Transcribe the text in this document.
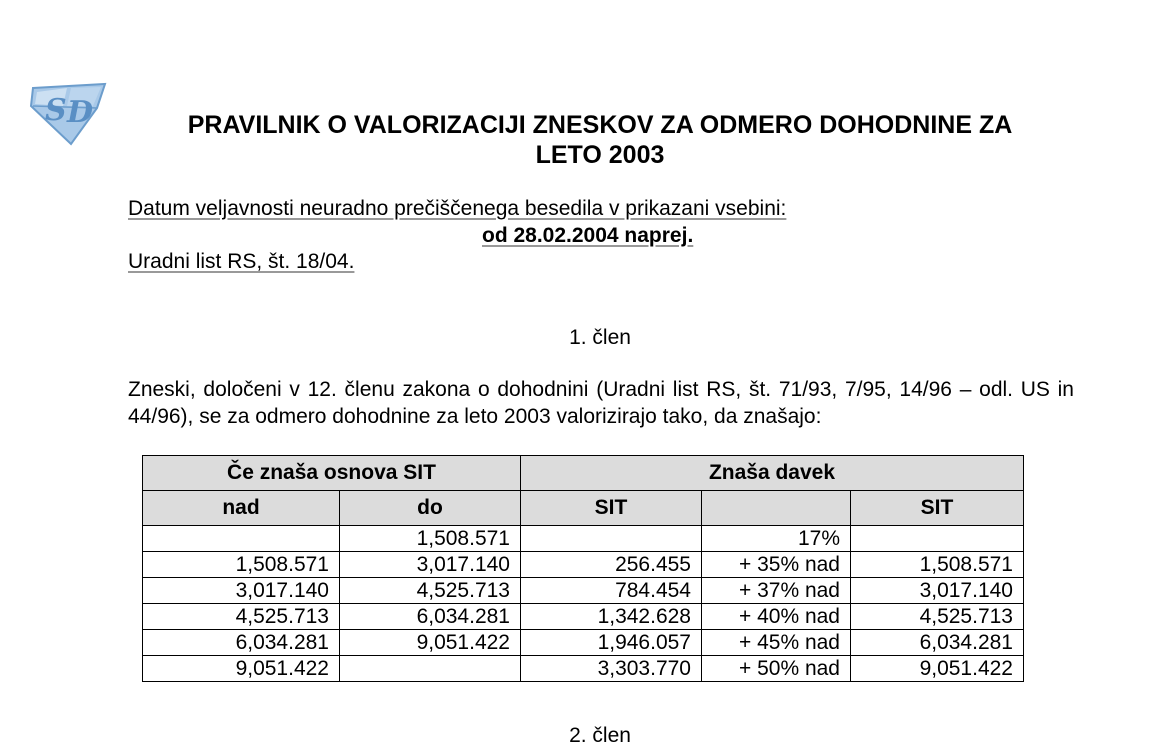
S D	PRAVILNIK O VALORIZACIJI ZNESKOV ZA ODMERO DOHODNINE ZA
LETO 2003
Datum veljavnosti neuradno prečiščenega besedila v prikazani vsebini:
od 28.02.2004 naprej.
Uradni list RS, št. 18/04.
1. člen
Zneski, določeni v 12. členu zakona o dohodnini (Uradni list RS, št. 71/93, 7/95, 14/96 – odl. US in 44/96), se za odmero dohodnine za leto 2003 valorizirajo tako, da znašajo:
Če znaša osnova SIT		Znaša davek		
nad	do	SIT		SIT
	1,508.571		17%	
1,508.571	3,017.140	256.455	+ 35% nad	1,508.571
3,017.140	4,525.713	784.454	+ 37% nad	3,017.140
4,525.713	6,034.281	1,342.628	+ 40% nad	4,525.713
6,034.281	9,051.422	1,946.057	+ 45% nad	6,034.281
9,051.422		3,303.770	+ 50% nad	9,051.422
2. člen
